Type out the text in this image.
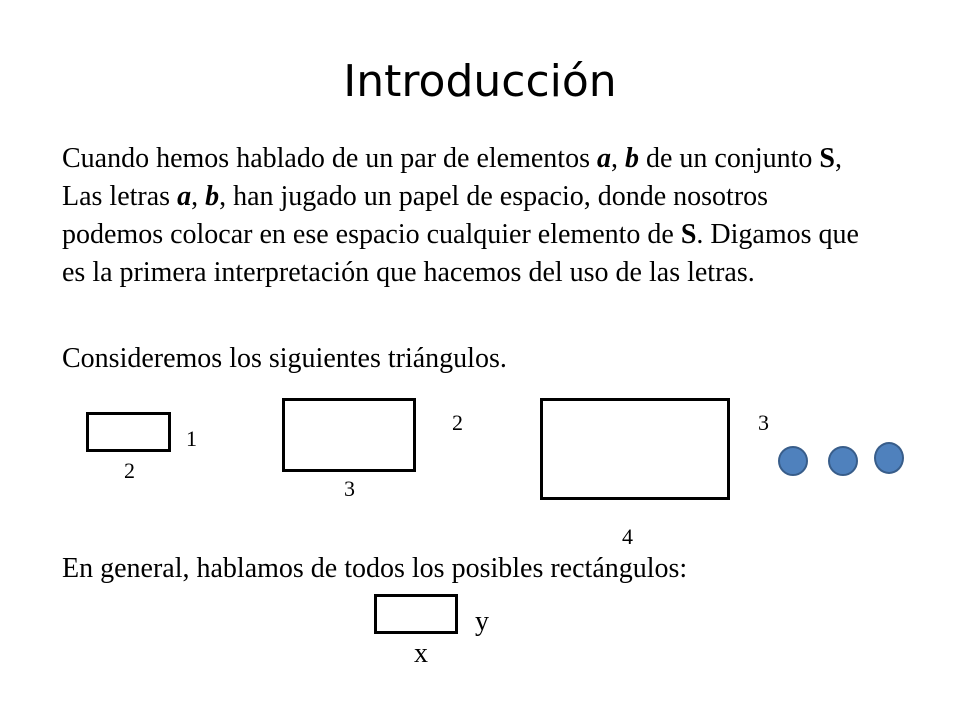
Introducción

Cuando hemos hablado de un par de elementos a, b de un conjunto S, Las letras a, b, han jugado un papel de espacio, donde nosotros podemos colocar en ese espacio cualquier elemento de S. Digamos que es la primera interpretación que hacemos del uso de las letras.

Consideremos los siguientes triángulos.

1
2
2
3
3
4

En general, hablamos de todos los posibles rectángulos:

y
x
